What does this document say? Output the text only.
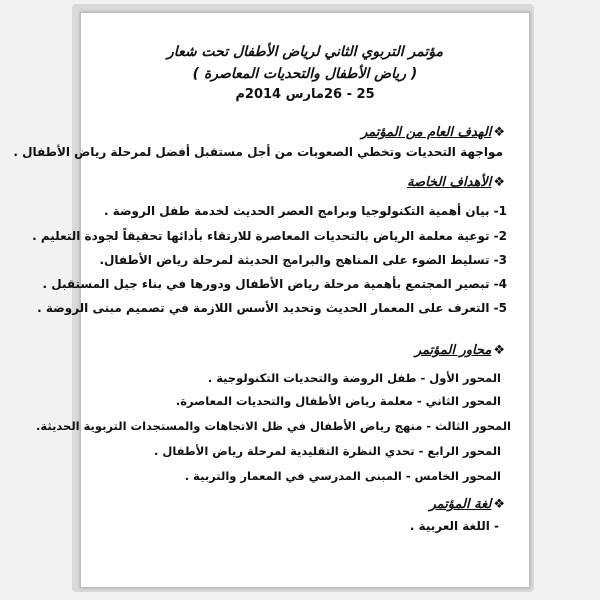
مؤتمر التربوي الثاني لرياض الأطفال تحت شعار
( رياض الأطفال والتحديات المعاصرة )
25 - 26مارس 2014م
❖الهدف العام من المؤتمر
مواجهة التحديات وتخطي الصعوبات من أجل مستقبل أفضل لمرحلة رياض الأطفال .
❖الأهداف الخاصة
1- بيان أهمية التكنولوجيا وبرامج العصر الحديث لخدمة طفل الروضة .
2- توعية معلمة الرياض بالتحديات المعاصرة للارتقاء بأدائها تحقيقاً لجودة التعليم .
3- تسليط الضوء على المناهج والبرامج الحديثة لمرحلة رياض الأطفال.
4- تبصير المجتمع بأهمية مرحلة رياض الأطفال ودورها في بناء جيل المستقبل .
5- التعرف على المعمار الحديث وتحديد الأسس اللازمة في تصميم مبنى الروضة .
❖محاور المؤتمر
المحور الأول - طفل الروضة والتحديات التكنولوجية .
المحور الثاني - معلمة رياض الأطفال والتحديات المعاصرة.
المحور الثالث - منهج رياض الأطفال في ظل الاتجاهات والمستجدات التربوية الحديثة.
المحور الرابع - تحدي النظرة التقليدية لمرحلة رياض الأطفال .
المحور الخامس - المبنى المدرسي في المعمار والتربية .
❖لغة المؤتمر
- اللغة العربية .
